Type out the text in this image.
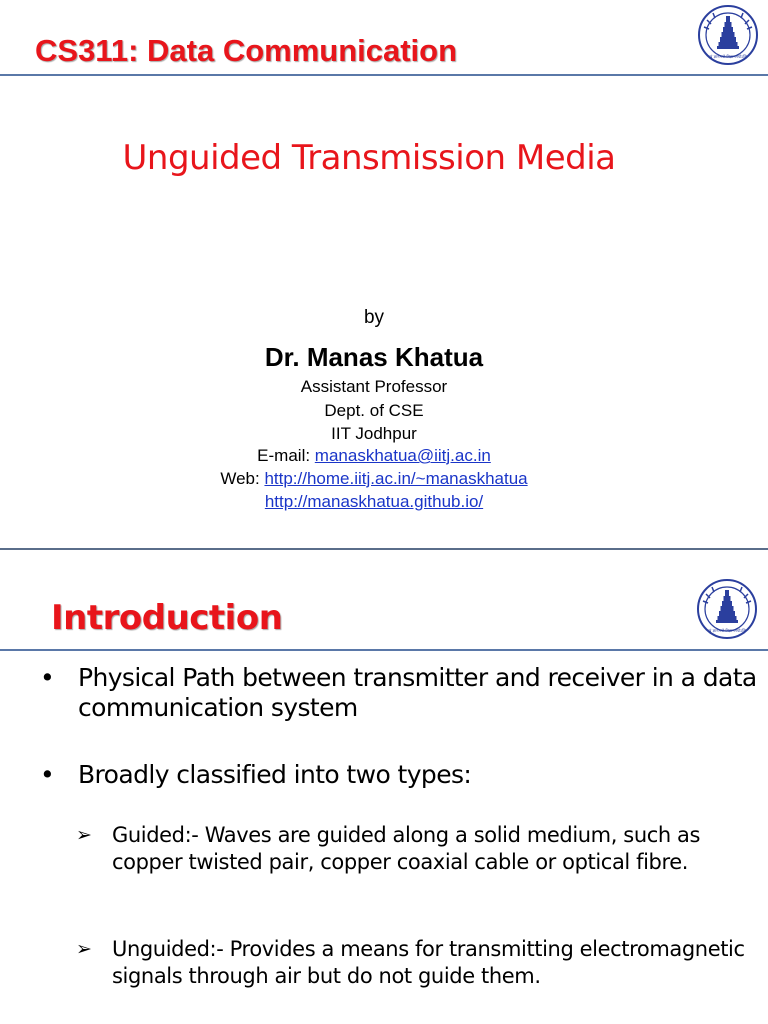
CS311: Data Communication	त्वं ज्ञानमयो विज्ञानमयोऽसि
Unguided Transmission Media
by
Dr. Manas Khatua
Assistant Professor
Dept. of CSE
IIT Jodhpur
E-mail: manaskhatua@iitj.ac.in
Web: http://home.iitj.ac.in/~manaskhatua
http://manaskhatua.github.io/
Introduction	त्वं ज्ञानमयो विज्ञानमयोऽसि
• Physical Path between transmitter and receiver in a data communication system
• Broadly classified into two types:
➢ Guided:- Waves are guided along a solid medium, such as copper twisted pair, copper coaxial cable or optical fibre.
➢ Unguided:- Provides a means for transmitting electromagnetic signals through air but do not guide them.
